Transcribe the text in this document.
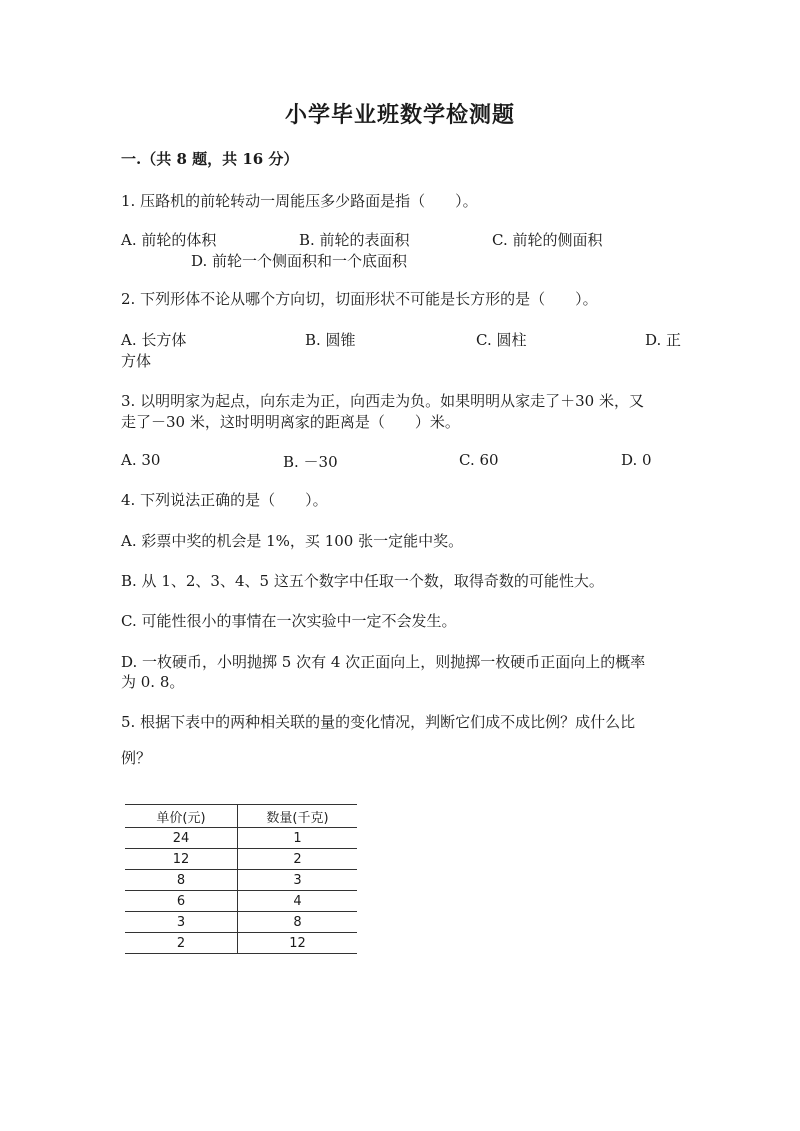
小学毕业班数学检测题
一.（共 8 题，共 16 分）
1. 压路机的前轮转动一周能压多少路面是指（　　）。
A. 前轮的体积	B. 前轮的表面积	C. 前轮的侧面积
D. 前轮一个侧面积和一个底面积
2. 下列形体不论从哪个方向切，切面形状不可能是长方形的是（　　）。
A. 长方体	B. 圆锥	C. 圆柱	D. 正
方体
3. 以明明家为起点，向东走为正，向西走为负。如果明明从家走了＋30 米，又
走了－30 米，这时明明离家的距离是（　　）米。
A. 30	B. －30	C. 60	D. 0
4. 下列说法正确的是（　　）。
A. 彩票中奖的机会是 1%，买 100 张一定能中奖。
B. 从 1、2、3、4、5 这五个数字中任取一个数，取得奇数的可能性大。
C. 可能性很小的事情在一次实验中一定不会发生。
D. 一枚硬币，小明抛掷 5 次有 4 次正面向上，则抛掷一枚硬币正面向上的概率
为 0. 8。
5. 根据下表中的两种相关联的量的变化情况，判断它们成不成比例？成什么比
例？
单价(元)	数量(千克)
24	1
12	2
8	3
6	4
3	8
2	12
